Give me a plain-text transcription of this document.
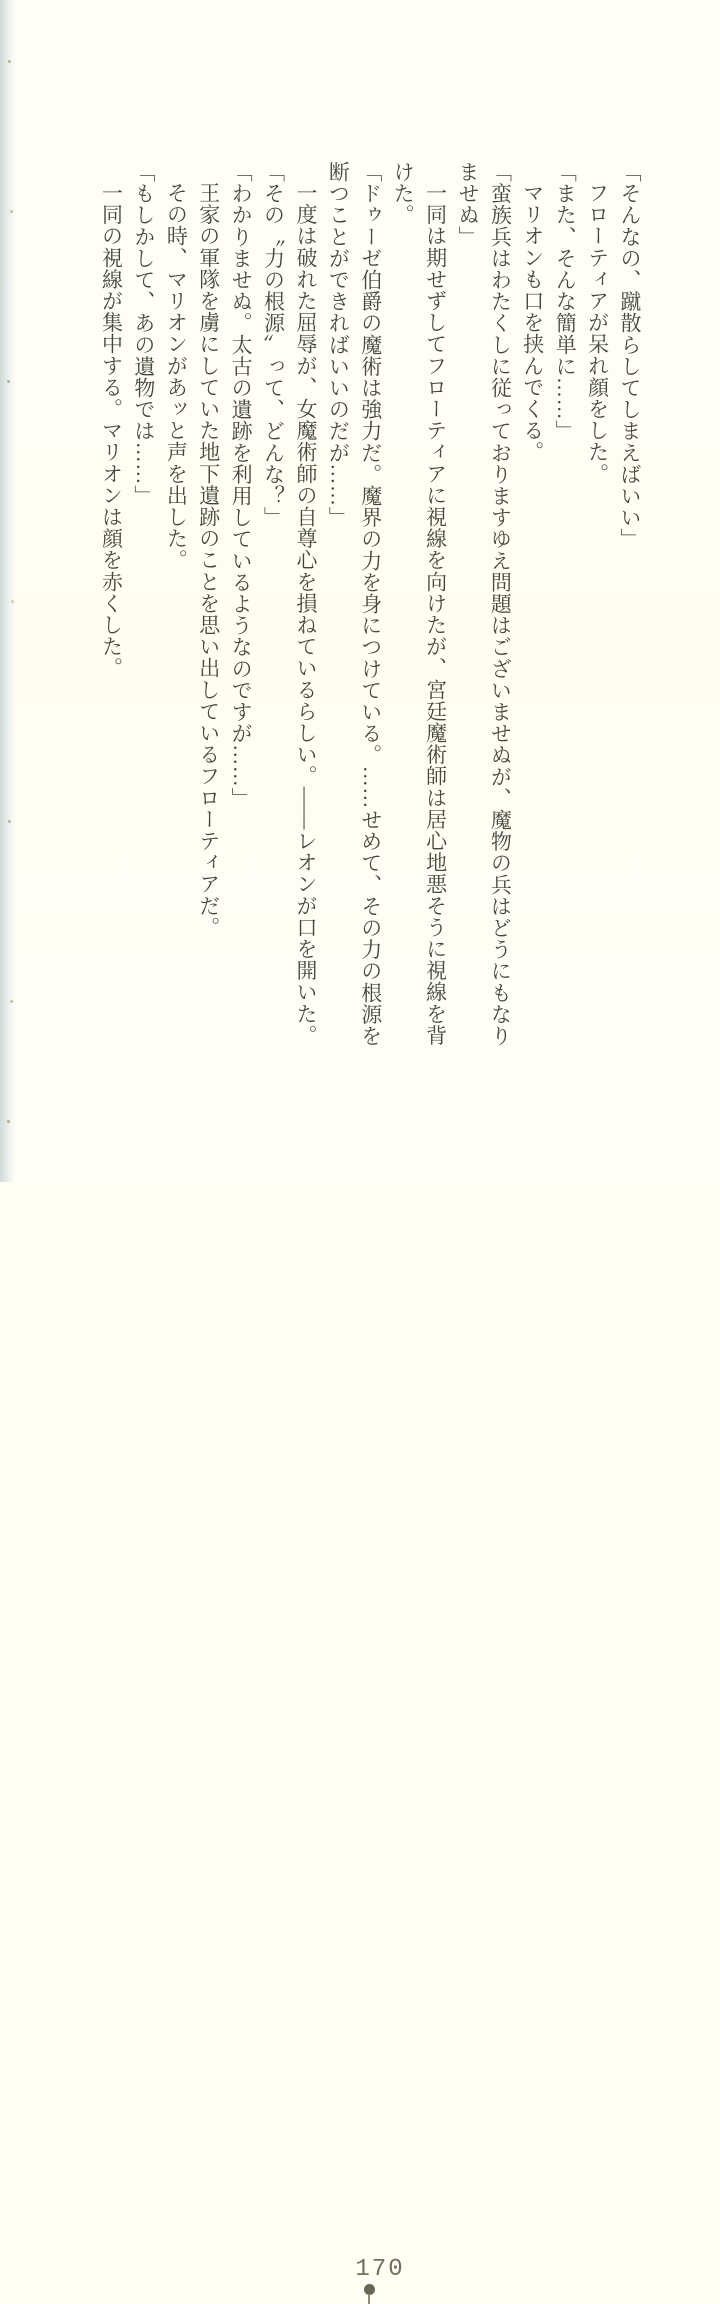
「そんなの、蹴散らしてしまえばいい」

フローティアが呆れ顔をした。

「また、そんな簡単に……」

マリオンも口を挟んでくる。

「蛮族兵はわたくしに従っておりますゆえ問題はございませぬが、魔物の兵はどうにもなりませぬ」

一同は期せずしてフローティアに視線を向けたが、宮廷魔術師は居心地悪そうに視線を背けた。

「ドゥーゼ伯爵の魔術は強力だ。魔界の力を身につけている。……せめて、その力の根源を断つことができればいいのだが……」

一度は破れた屈辱が、女魔術師の自尊心を損ねているらしい。――レオンが口を開いた。

「その〝力の根源〟って、どんな？」

「わかりませぬ。太古の遺跡を利用しているようなのですが……」

王家の軍隊を虜にしていた地下遺跡のことを思い出しているフローティアだ。

その時、マリオンがあッと声を出した。

「もしかして、あの遺物では……」

一同の視線が集中する。マリオンは顔を赤くした。

170
